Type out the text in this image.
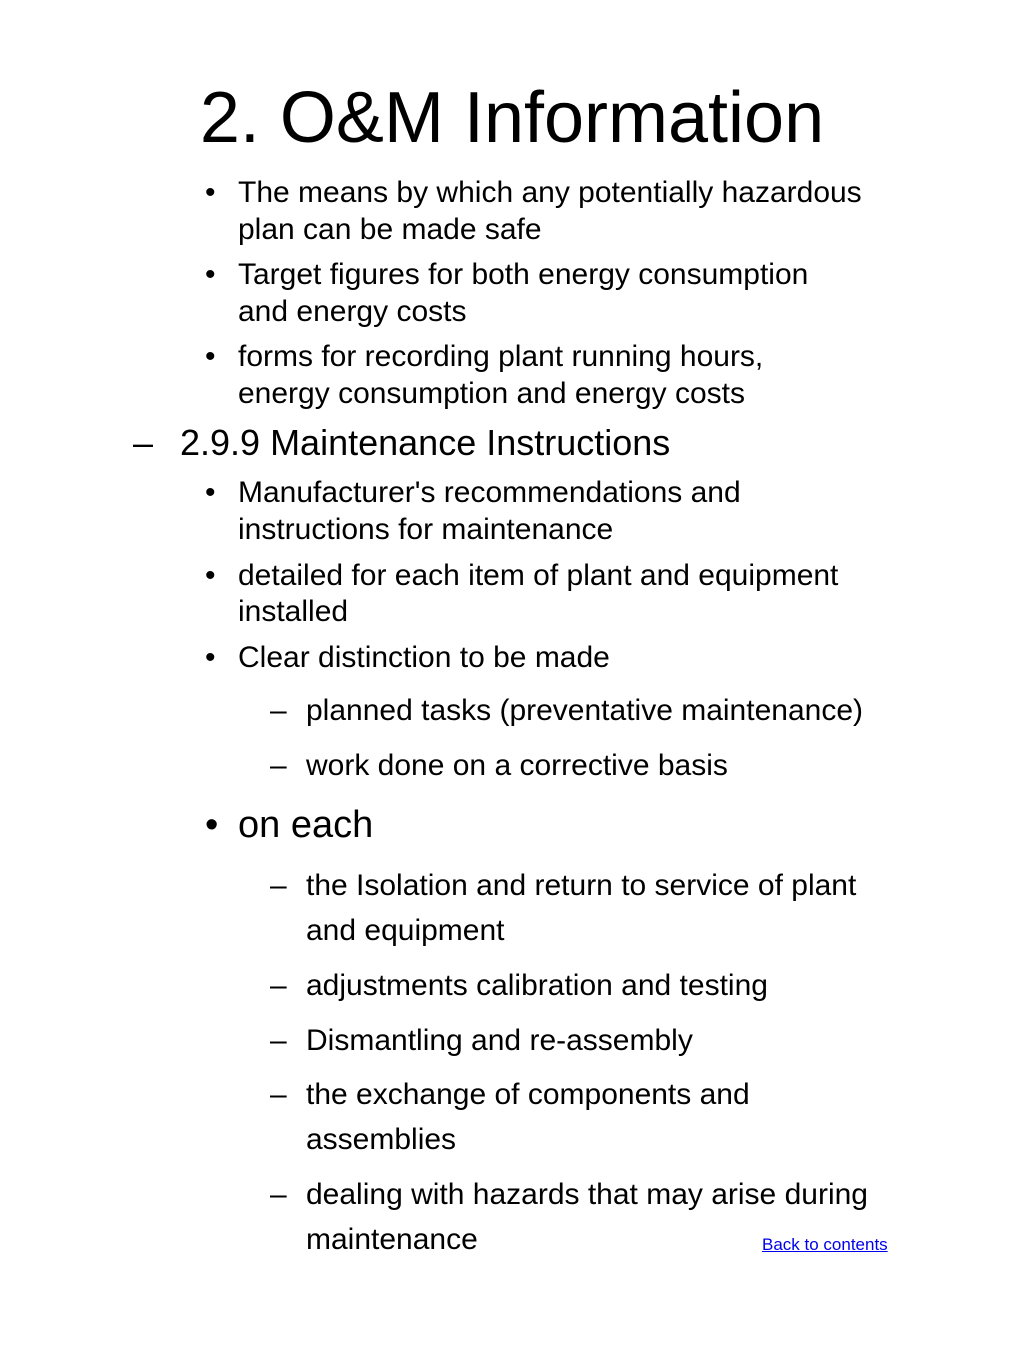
2. O&M Information
• The means by which any potentially hazardous

plan can be made safe

• Target figures for both energy consumption

and energy costs

• forms for recording plant running hours,

energy consumption and energy costs

– 2.9.9 Maintenance Instructions

• Manufacturer's recommendations and

instructions for maintenance

• detailed for each item of plant and equipment

installed

• Clear distinction to be made

– planned tasks (preventative maintenance)

– work done on a corrective basis

• on each

– the Isolation and return to service of plant

and equipment

– adjustments calibration and testing

– Dismantling and re-assembly

– the exchange of components and

assemblies

– dealing with hazards that may arise during

maintenance	Back to contents
